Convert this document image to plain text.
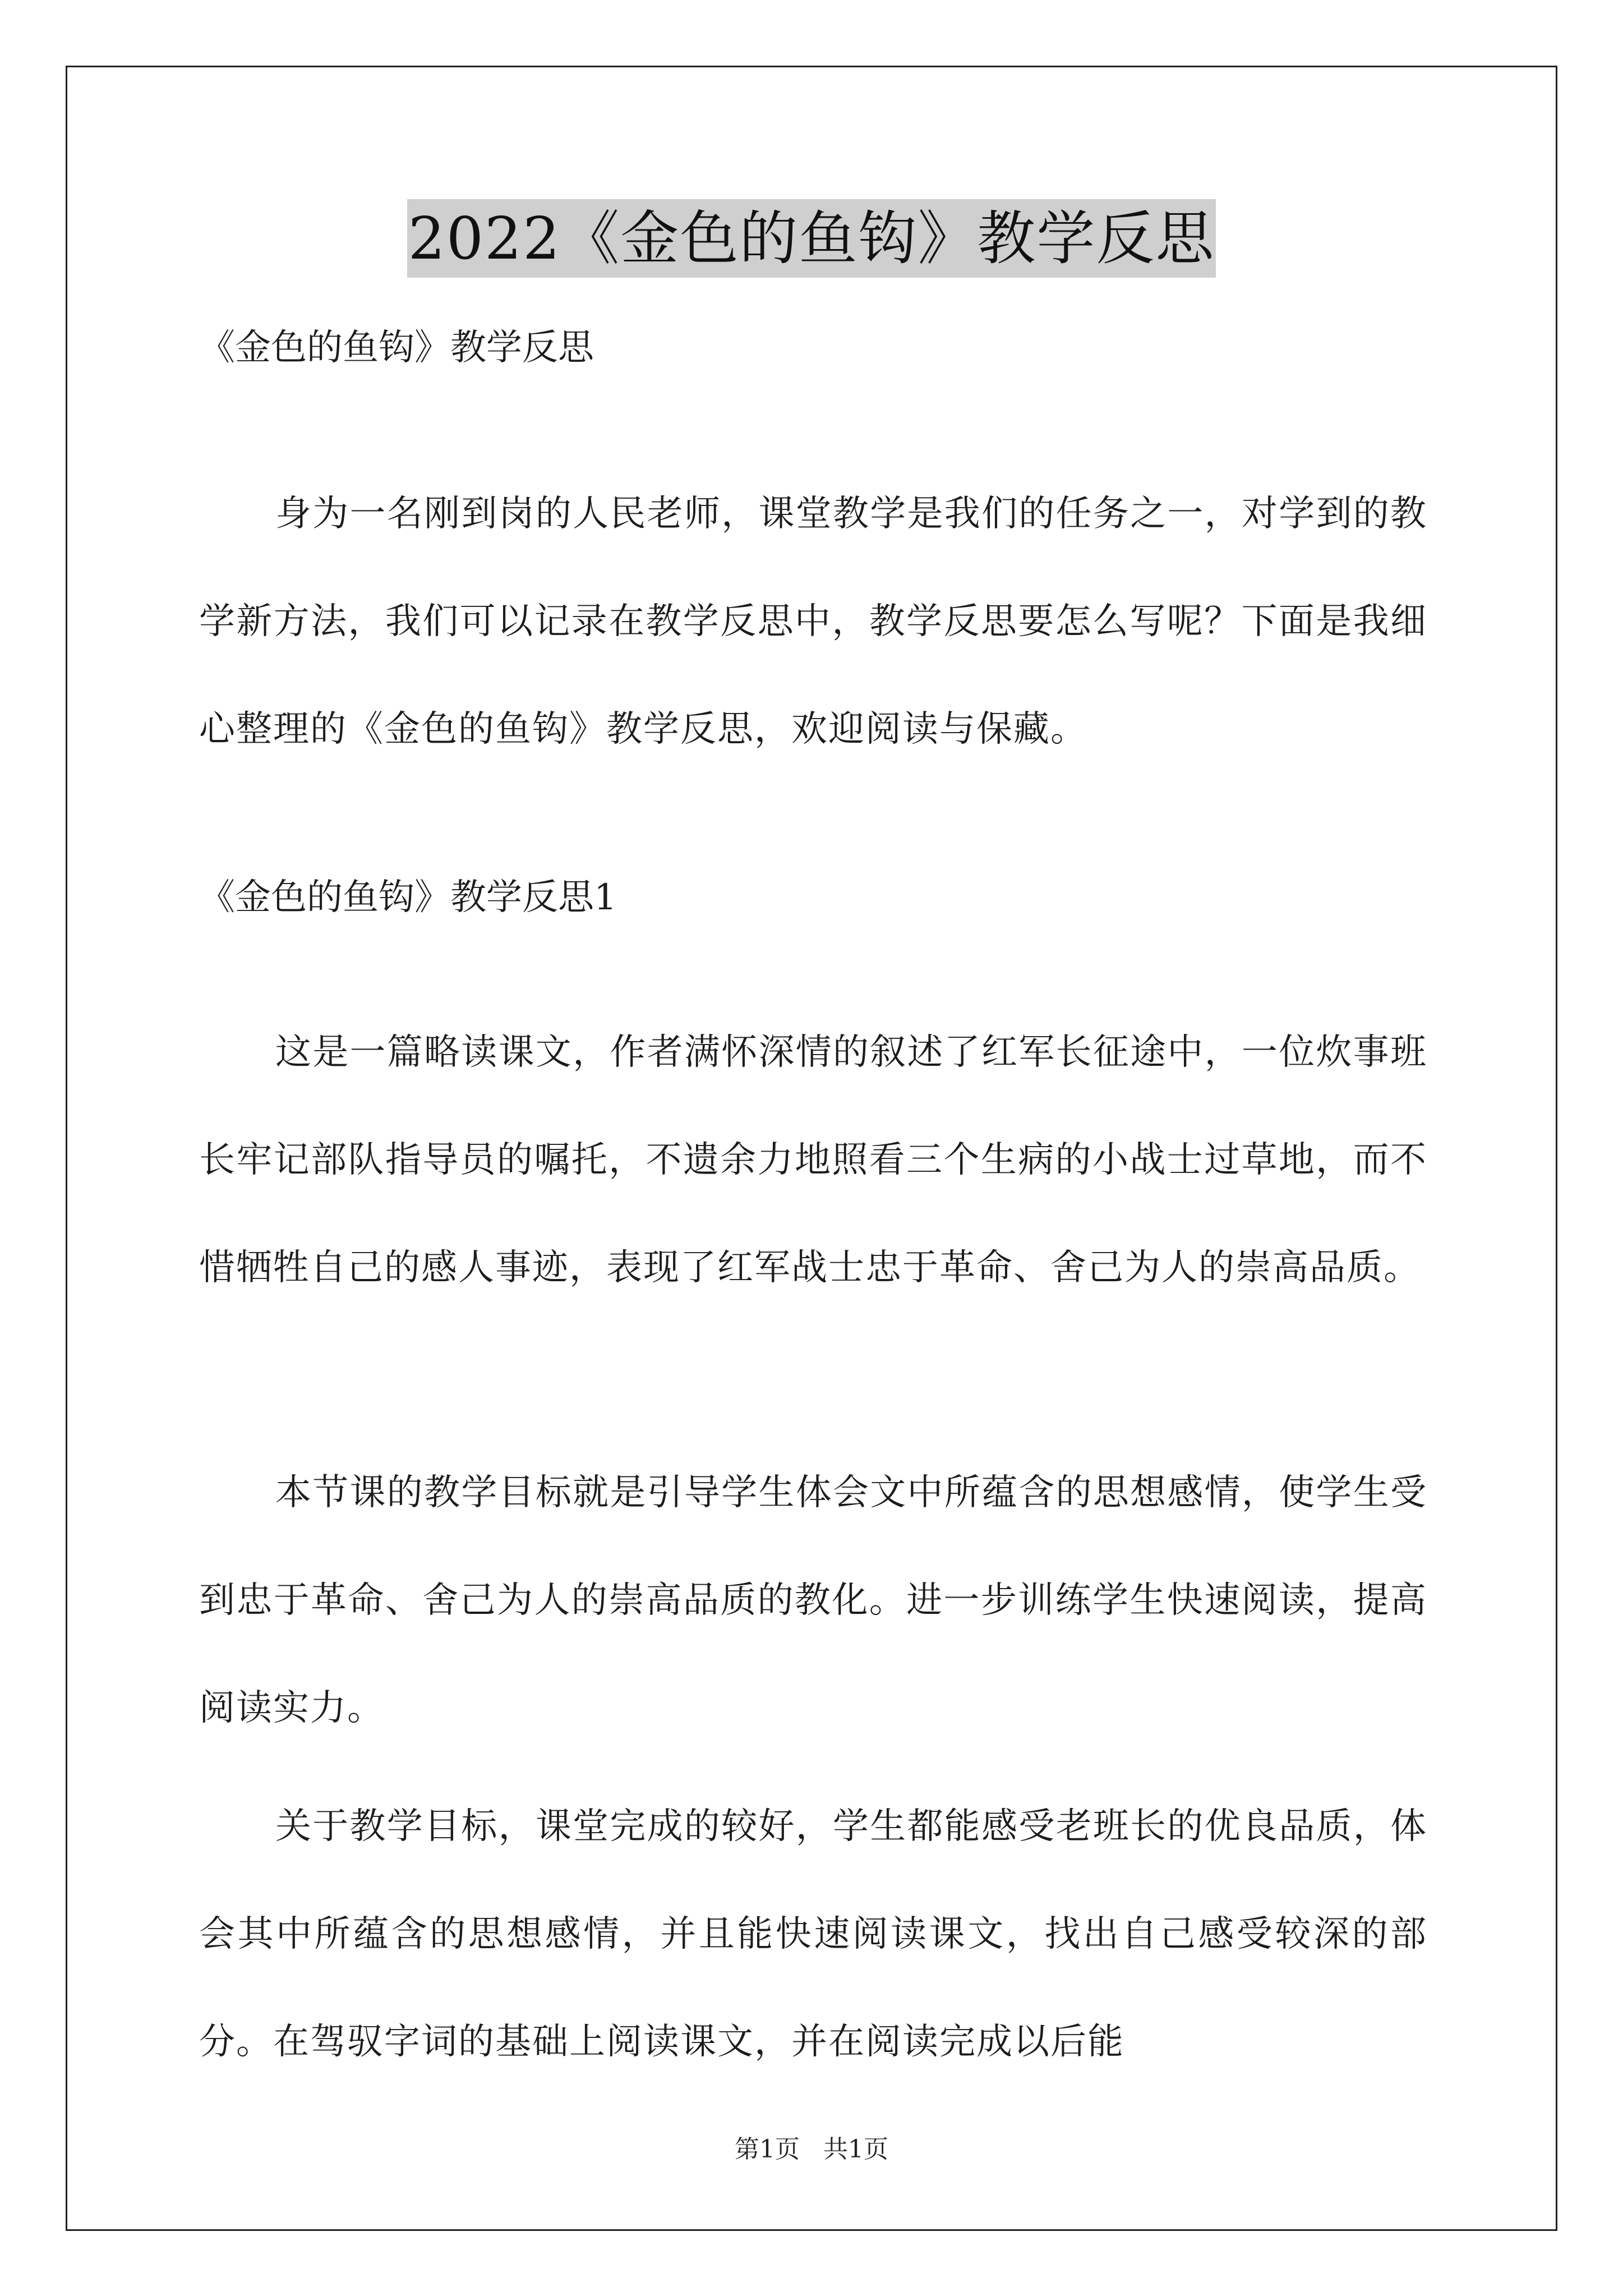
2022《金色的鱼钩》教学反思
《金色的鱼钩》教学反思

身为一名刚到岗的人民老师，课堂教学是我们的任务之一，对学到的教学新方法，我们可以记录在教学反思中，教学反思要怎么写呢？下面是我细心整理的《金色的鱼钩》教学反思，欢迎阅读与保藏。

《金色的鱼钩》教学反思1

这是一篇略读课文，作者满怀深情的叙述了红军长征途中，一位炊事班长牢记部队指导员的嘱托，不遗余力地照看三个生病的小战士过草地，而不惜牺牲自己的感人事迹，表现了红军战士忠于革命、舍己为人的崇高品质。

本节课的教学目标就是引导学生体会文中所蕴含的思想感情，使学生受到忠于革命、舍己为人的崇高品质的教化。进一步训练学生快速阅读，提高阅读实力。

关于教学目标，课堂完成的较好，学生都能感受老班长的优良品质，体会其中所蕴含的思想感情，并且能快速阅读课文，找出自己感受较深的部分。在驾驭字词的基础上阅读课文，并在阅读完成以后能

第1页   共1页
